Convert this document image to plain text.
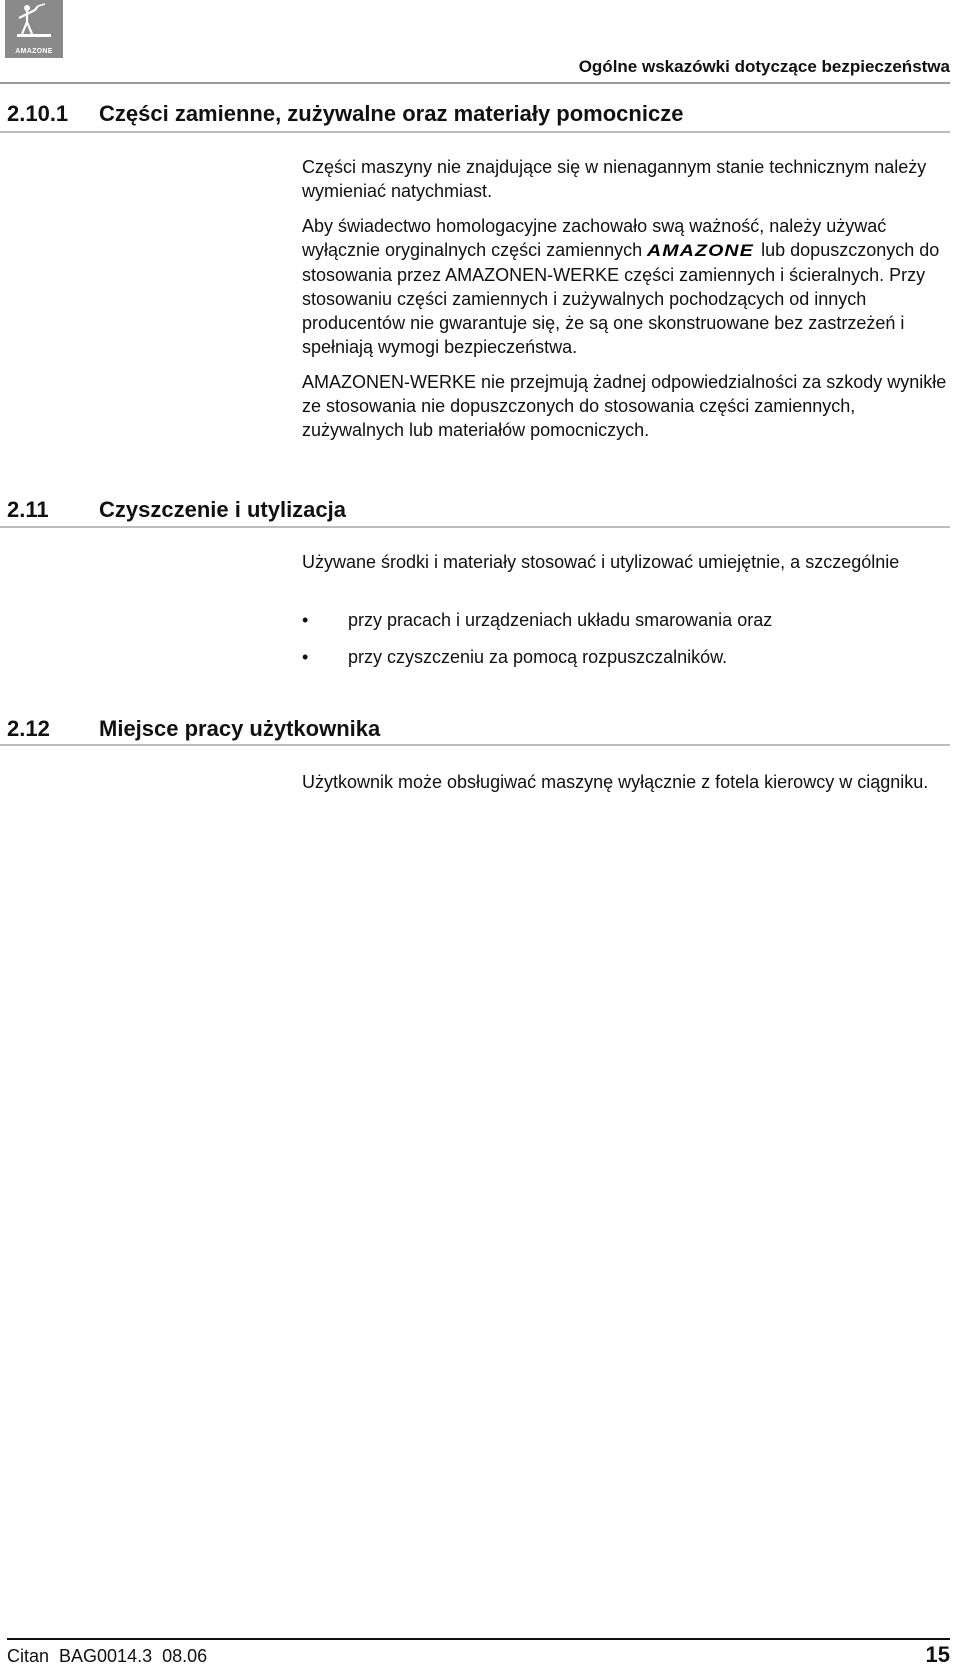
AMAZONE
Ogólne wskazówki dotyczące bezpieczeństwa
2.10.1	Części zamienne, zużywalne oraz materiały pomocnicze

Części maszyny nie znajdujące się w nienagannym stanie technicznym należy wymieniać natychmiast.

Aby świadectwo homologacyjne zachowało swą ważność, należy używać wyłącznie oryginalnych części zamiennych AMAZONE lub dopuszczonych do stosowania przez AMAZONEN-WERKE części zamiennych i ścieralnych. Przy stosowaniu części zamiennych i zużywalnych pochodzących od innych producentów nie gwarantuje się, że są one skonstruowane bez zastrzeżeń i spełniają wymogi bezpieczeństwa.

AMAZONEN-WERKE nie przejmują żadnej odpowiedzialności za szkody wynikłe ze stosowania nie dopuszczonych do stosowania części zamiennych, zużywalnych lub materiałów pomocniczych.

2.11	Czyszczenie i utylizacja

Używane środki i materiały stosować i utylizować umiejętnie, a szczególnie

•	przy pracach i urządzeniach układu smarowania oraz
•	przy czyszczeniu za pomocą rozpuszczalników.
2.12	Miejsce pracy użytkownika

Użytkownik może obsługiwać maszynę wyłącznie z fotela kierowcy w ciągniku.

Citan  BAG0014.3  08.06	15
